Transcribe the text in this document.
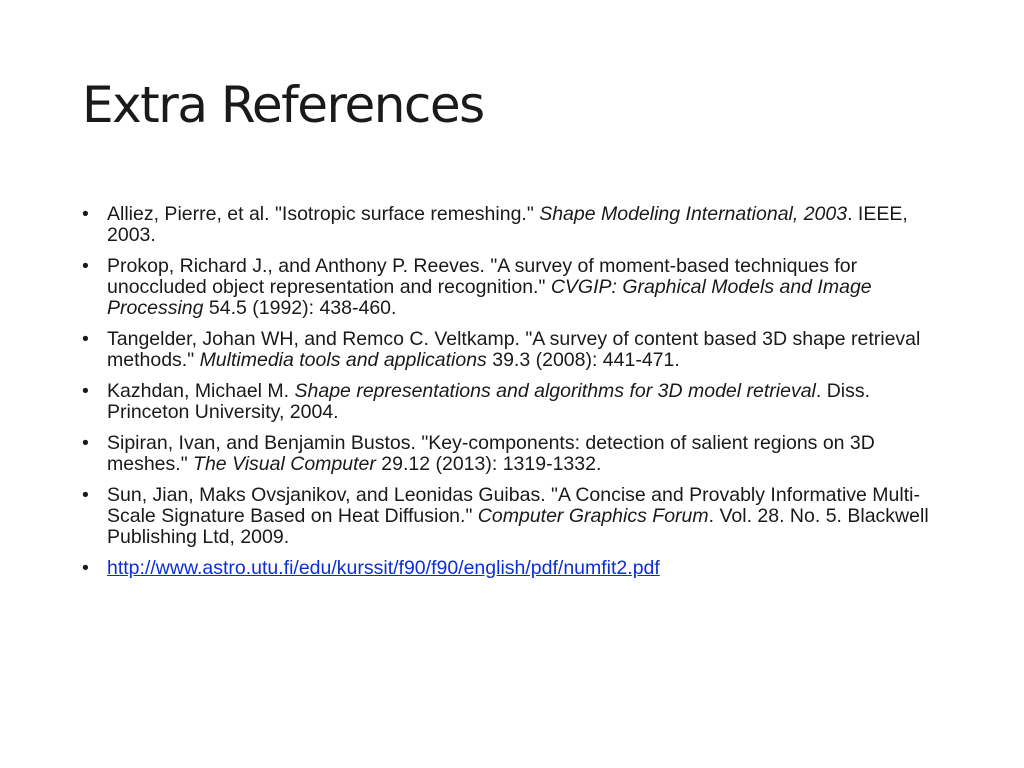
Extra References
• Alliez, Pierre, et al. "Isotropic surface remeshing." Shape Modeling International, 2003. IEEE, 2003.
• Prokop, Richard J., and Anthony P. Reeves. "A survey of moment-based techniques for unoccluded object representation and recognition." CVGIP: Graphical Models and Image Processing 54.5 (1992): 438-460.
• Tangelder, Johan WH, and Remco C. Veltkamp. "A survey of content based 3D shape retrieval methods." Multimedia tools and applications 39.3 (2008): 441-471.
• Kazhdan, Michael M. Shape representations and algorithms for 3D model retrieval. Diss. Princeton University, 2004.
• Sipiran, Ivan, and Benjamin Bustos. "Key-components: detection of salient regions on 3D meshes." The Visual Computer 29.12 (2013): 1319-1332.
• Sun, Jian, Maks Ovsjanikov, and Leonidas Guibas. "A Concise and Provably Informative Multi-Scale Signature Based on Heat Diffusion." Computer Graphics Forum. Vol. 28. No. 5. Blackwell Publishing Ltd, 2009.
• http://www.astro.utu.fi/edu/kurssit/f90/f90/english/pdf/numfit2.pdf
